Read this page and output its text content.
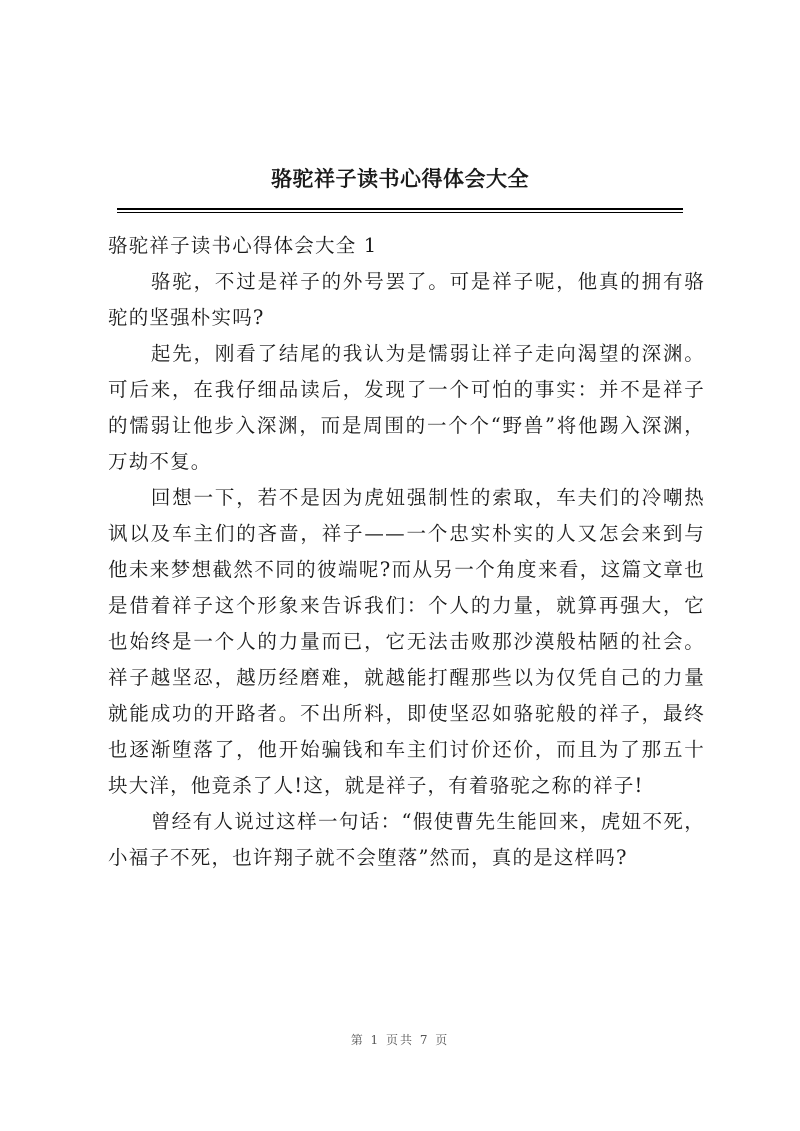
骆驼祥子读书心得体会大全

骆驼祥子读书心得体会大全 1

骆驼，不过是祥子的外号罢了。可是祥子呢，他真的拥有骆驼的坚强朴实吗?

起先，刚看了结尾的我认为是懦弱让祥子走向渴望的深渊。可后来，在我仔细品读后，发现了一个可怕的事实：并不是祥子的懦弱让他步入深渊，而是周围的一个个“野兽”将他踢入深渊，万劫不复。

回想一下，若不是因为虎妞强制性的索取，车夫们的冷嘲热讽以及车主们的吝啬，祥子——一个忠实朴实的人又怎会来到与他未来梦想截然不同的彼端呢?而从另一个角度来看，这篇文章也是借着祥子这个形象来告诉我们：个人的力量，就算再强大，它也始终是一个人的力量而已，它无法击败那沙漠般枯陋的社会。祥子越坚忍，越历经磨难，就越能打醒那些以为仅凭自己的力量就能成功的开路者。不出所料，即使坚忍如骆驼般的祥子，最终也逐渐堕落了，他开始骗钱和车主们讨价还价，而且为了那五十块大洋，他竟杀了人!这，就是祥子，有着骆驼之称的祥子!

曾经有人说过这样一句话：“假使曹先生能回来，虎妞不死，小福子不死，也许翔子就不会堕落”然而，真的是这样吗?

第 1 页共 7 页
